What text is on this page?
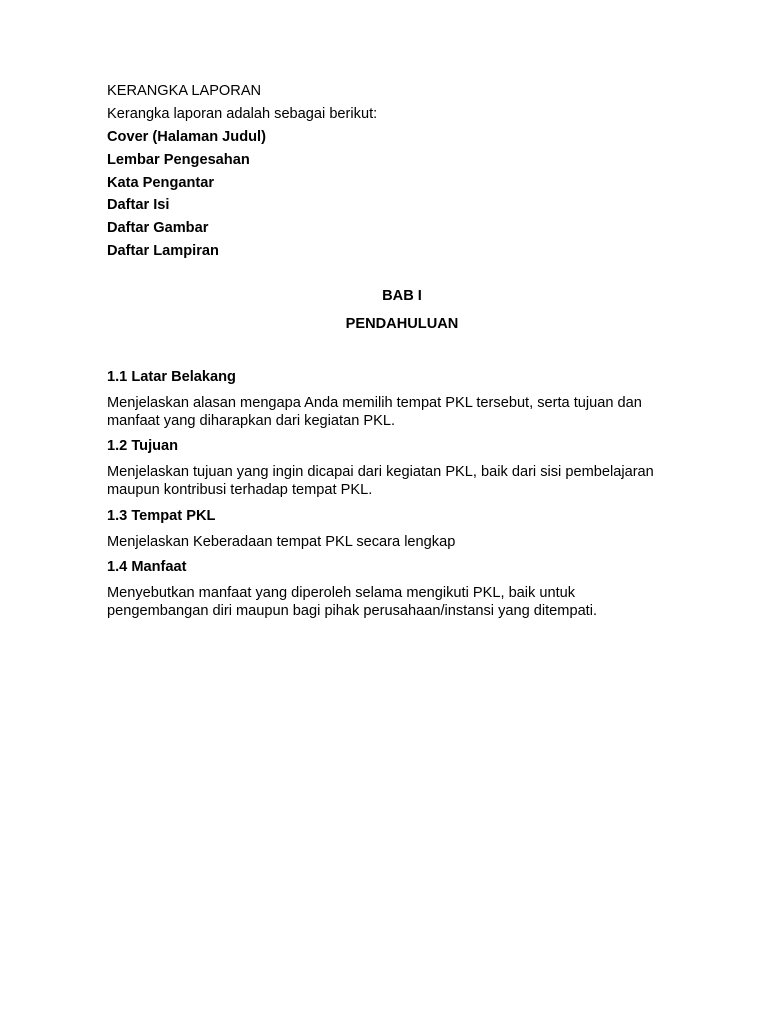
KERANGKA LAPORAN
Kerangka laporan adalah sebagai berikut:
Cover (Halaman Judul)
Lembar Pengesahan
Kata Pengantar
Daftar Isi
Daftar Gambar
Daftar Lampiran
BAB I
PENDAHULUAN
1.1 Latar Belakang
Menjelaskan alasan mengapa Anda memilih tempat PKL tersebut, serta tujuan dan
manfaat yang diharapkan dari kegiatan PKL.
1.2 Tujuan
Menjelaskan tujuan yang ingin dicapai dari kegiatan PKL, baik dari sisi pembelajaran
maupun kontribusi terhadap tempat PKL.
1.3 Tempat PKL
Menjelaskan Keberadaan tempat PKL secara lengkap
1.4 Manfaat
Menyebutkan manfaat yang diperoleh selama mengikuti PKL, baik untuk
pengembangan diri maupun bagi pihak perusahaan/instansi yang ditempati.
